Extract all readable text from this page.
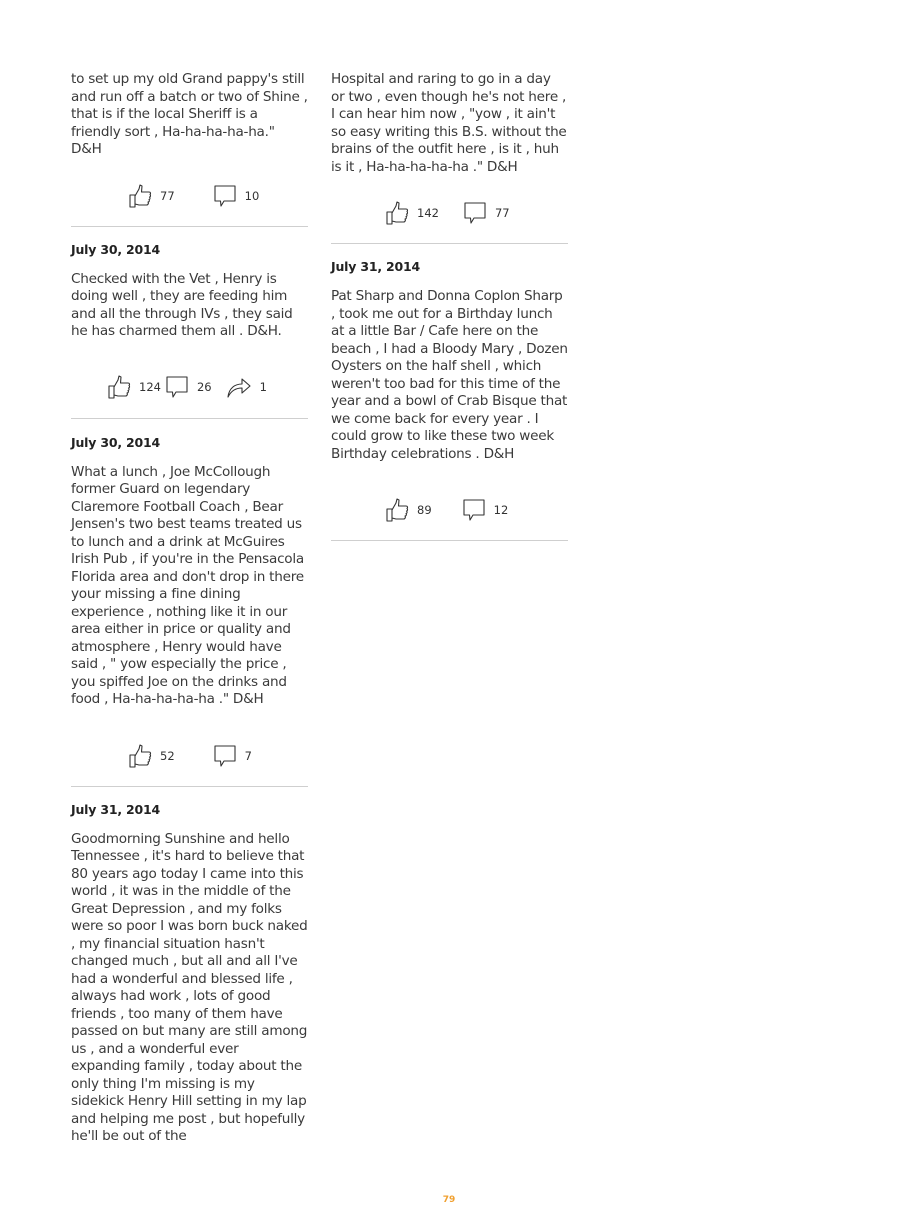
to set up my old Grand pappy's still and run off a batch or two of Shine , that is if the local Sheriff is a friendly sort , Ha-ha-ha-ha-ha." D&H

77	10

July 30, 2014

Checked with the Vet , Henry is doing well , they are feeding him and all the through IVs , they said he has charmed them all . D&H.

124	26	1

July 30, 2014

What a lunch , Joe McCollough former Guard on legendary Claremore Football Coach , Bear Jensen's two best teams treated us to lunch and a drink at McGuires Irish Pub , if you're in the Pensacola Florida area and don't drop in there your missing a fine dining experience , nothing like it in our area either in price or quality and atmosphere , Henry would have said , " yow especially the price , you spiffed Joe on the drinks and food , Ha-ha-ha-ha-ha ." D&H

52	7

July 31, 2014

Goodmorning Sunshine and hello Tennessee , it's hard to believe that 80 years ago today I came into this world , it was in the middle of the Great Depression , and my folks were so poor I was born buck naked , my financial situation hasn't changed much , but all and all I've had a wonderful and blessed life , always had work , lots of good friends , too many of them have passed on but many are still among us , and a wonderful ever expanding family , today about the only thing I'm missing is my sidekick Henry Hill setting in my lap and helping me post , but hopefully he'll be out of the

Hospital and raring to go in a day or two , even though he's not here , I can hear him now , "yow , it ain't so easy writing this B.S. without the brains of the outfit here , is it , huh is it , Ha-ha-ha-ha-ha ." D&H

142	77

July 31, 2014

Pat Sharp and Donna Coplon Sharp , took me out for a Birthday lunch at a little Bar / Cafe here on the beach , I had a Bloody Mary , Dozen Oysters on the half shell , which weren't too bad for this time of the year and a bowl of Crab Bisque that we come back for every year . I could grow to like these two week Birthday celebrations . D&H

89	12
79
